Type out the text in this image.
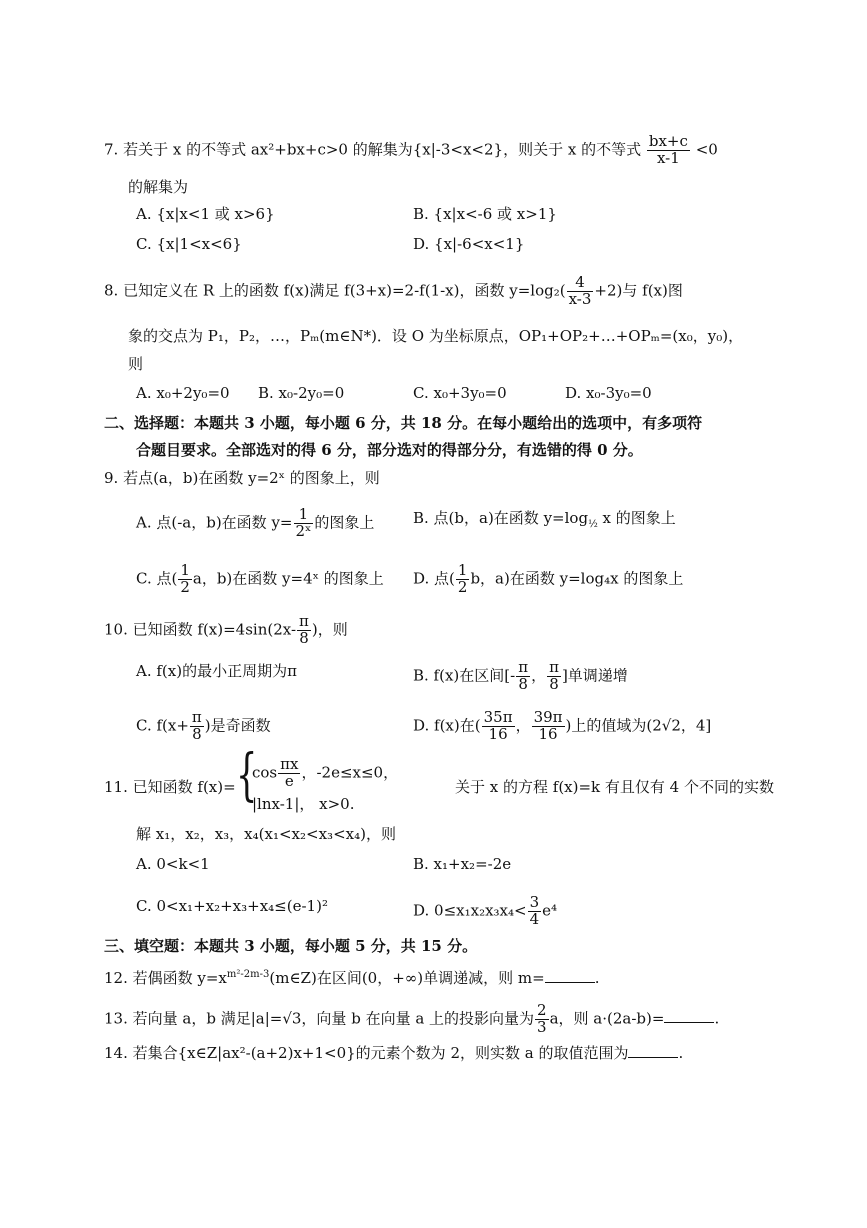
7. 若关于 x 的不等式 ax²+bx+c>0 的解集为{x|-3<x<2}，则关于 x 的不等式 $\frac{bx+c}{x-1} <0$
的解集为
A. {x|x<1 或 x>6}	B. {x|x<-6 或 x>1}
C. {x|1<x<6}	D. {x|-6<x<1}
8. 已知定义在 R 上的函数 f(x)满足 f(3+x)=2-f(1-x)，函数 $y=\log_2( \frac{4}{x-3} +2)$与 f(x)图
象的交点为 P₁，P₂，…，Pₘ(m∈N*)．设 O 为坐标原点，OP₁+OP₂+…+OPₘ=(x₀，y₀)，
则
A. x₀+2y₀=0 B. x₀-2y₀=0	C. x₀+3y₀=0	D. x₀-3y₀=0
二、选择题：本题共 3 小题，每小题 6 分，共 18 分。在每小题给出的选项中，有多项符
合题目要求。全部选对的得 6 分，部分选对的得部分分，有选错的得 0 分。
9. 若点(a，b)在函数 y=2ˣ 的图象上，则
A. 点(-a，b)在函数 $y= \frac{1}{\text{2ˣ}}$ 的图象上	B. 点(b，a)在函数 $y=\log_{\frac{1}{2}}$ x 的图象上
C. 点( $\frac{1}{2}$ a，b)在函数 y=4ˣ 的图象上 D. 点( $\frac{1}{2}$ b，a)在函数 y=log₄x 的图象上
10. 已知函数 $f(x)=4\sin(2x- \frac{\pi}{8}$ )，则
A. f(x)的最小正周期为π	B. f(x)在区间[- $\frac{\pi}{8}$ ， $\frac{\pi}{8}$ ]单调递增
C. $f(x+ \frac{\pi}{8}$ )是奇函数	D. f(x)在( $\frac{35\pi}{16}$ ， $\frac{39\pi}{16}$ )上的值域为(2√2，4]
11. 已知函数 f(x)= {
$\cos \frac{\pi x}{e}$ ，-2e≤x≤0，
|lnx-1|， x>0.
关于 x 的方程 f(x)=k 有且仅有 4 个不同的实数
解 x₁，x₂，x₃，x₄(x₁<x₂<x₃<x₄)，则
A. 0<k<1	B. x₁+x₂=-2e
C. 0<x₁+x₂+x₃+x₄≤(e-1)²	D. $0\le x_1x_2x_3x_4< \frac{3}{4} e^4$
三、填空题：本题共 3 小题，每小题 5 分，共 15 分。
12. 若偶函数 $y=x^{m^2-2m-3}(m\in Z)$在区间(0，+∞)单调递减，则 m=	.
13. 若向量 a，b 满足|a|=√3，向量 b 在向量 a 上的投影向量为 $\frac{2}{3}$ a，则 a·(2a-b)=	.
14. 若集合{x∈Z|ax²-(a+2)x+1<0}的元素个数为 2，则实数 a 的取值范围为	.
